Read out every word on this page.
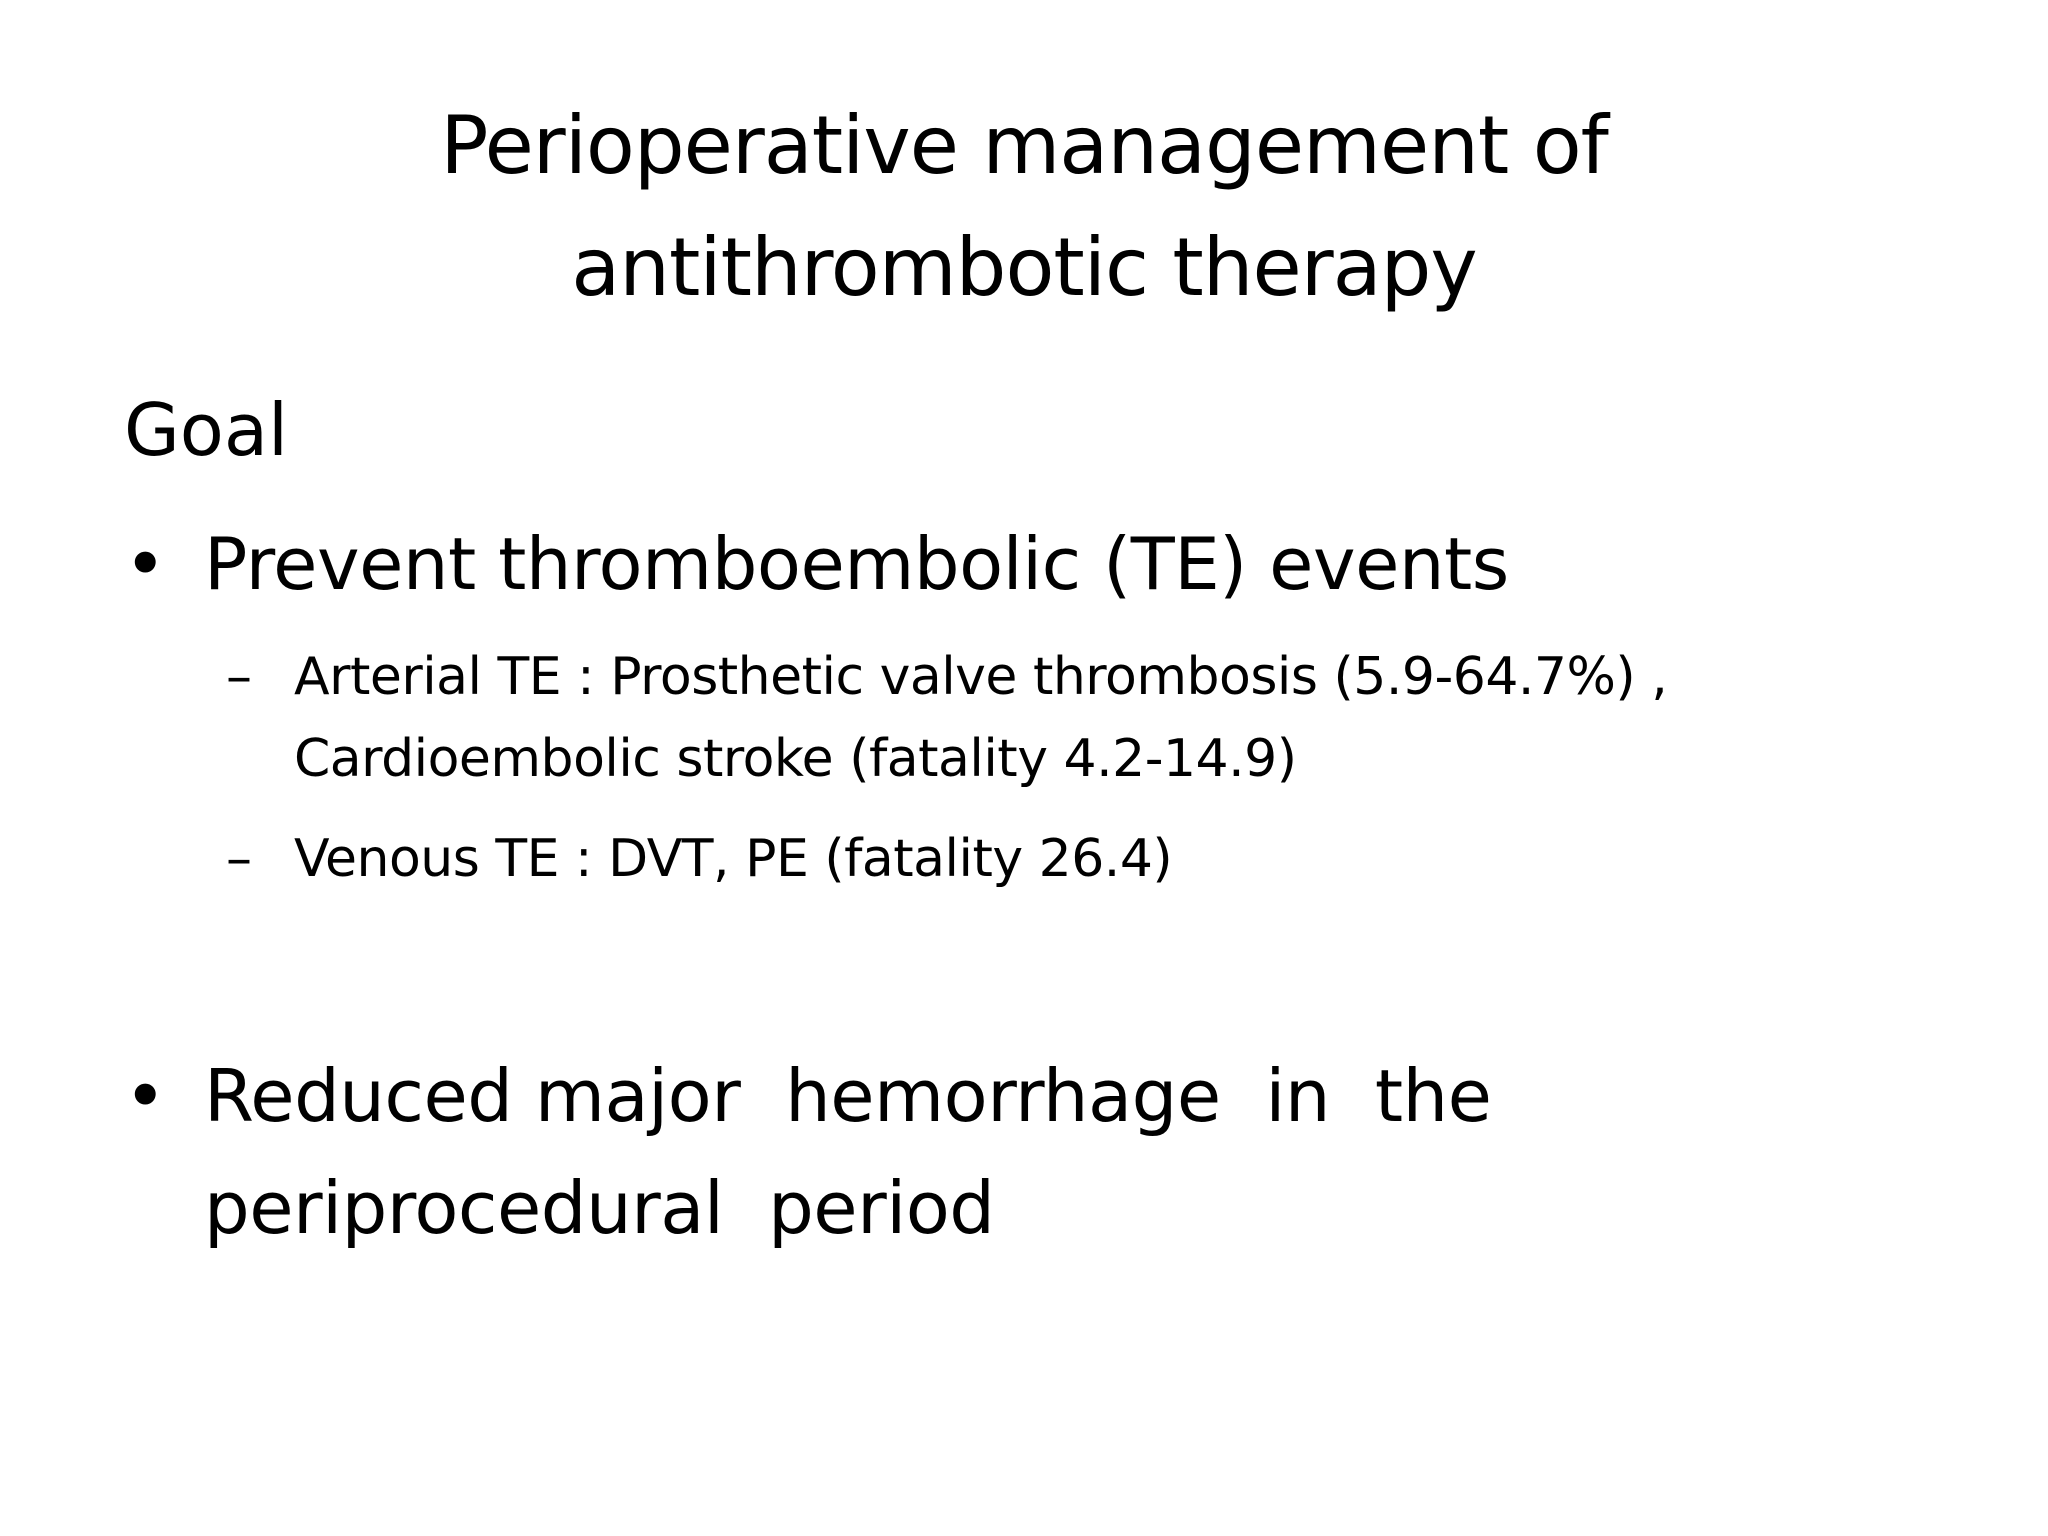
Perioperative management of
antithrombotic therapy
Goal
• Prevent thromboembolic (TE) events
– Arterial TE : Prosthetic valve thrombosis (5.9-64.7%) ,
Cardioembolic stroke (fatality 4.2-14.9)
– Venous TE : DVT, PE (fatality 26.4)
• Reduced major  hemorrhage  in  the
periprocedural  period
